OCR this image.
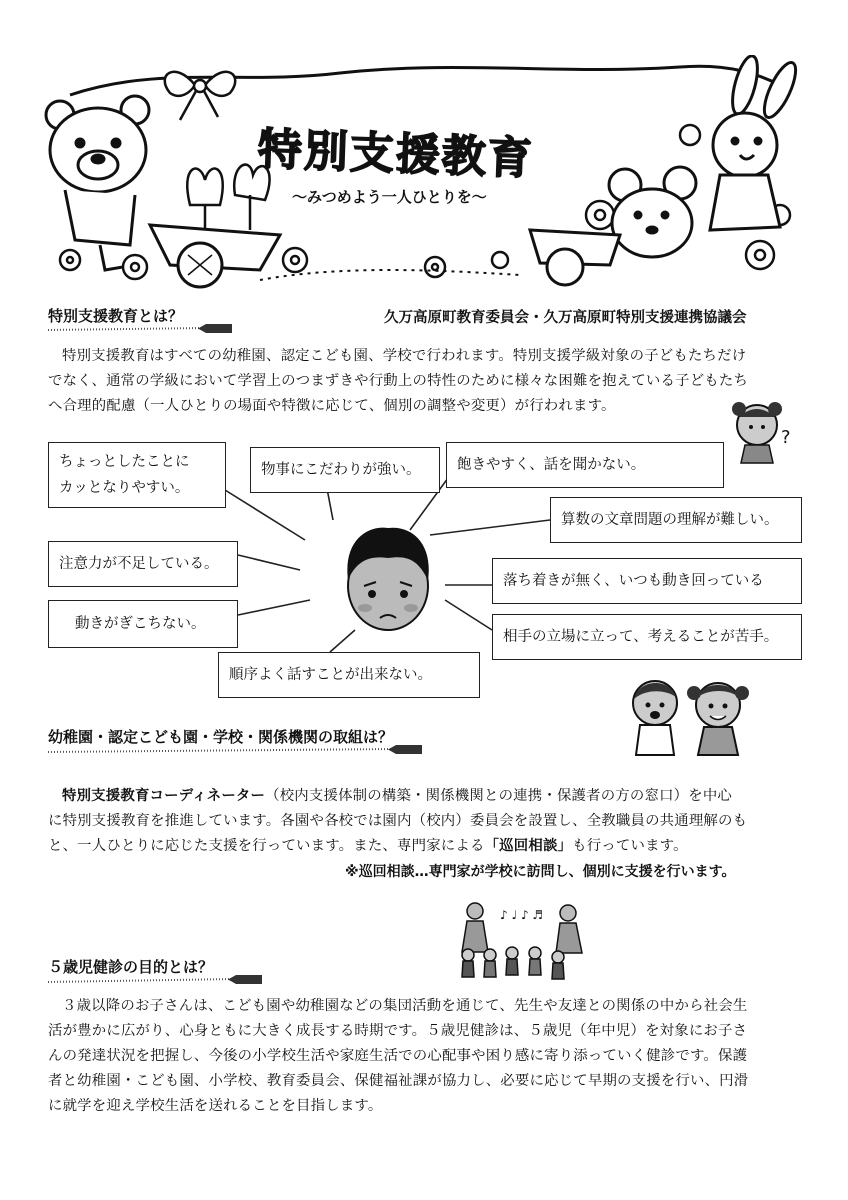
特別支援教育
～みつめよう一人ひとりを～
特別支援教育とは？	久万高原町教育委員会・久万高原町特別支援連携協議会
特別支援教育はすべての幼稚園、認定こども園、学校で行われます。特別支援学級対象の子どもたちだけ
でなく、通常の学級において学習上のつまずきや行動上の特性のために様々な困難を抱えている子どもたち
へ合理的配慮（一人ひとりの場面や特徴に応じて、個別の調整や変更）が行われます。
?
ちょっとしたことに
カッとなりやすい。
物事にこだわりが強い。	飽きやすく、話を聞かない。
算数の文章問題の理解が難しい。
注意力が不足している。
落ち着きが無く、いつも動き回っている
動きがぎこちない。
相手の立場に立って、考えることが苦手。
順序よく話すことが出来ない。
幼稚園・認定こども園・学校・関係機関の取組は？
特別支援教育コーディネーター（校内支援体制の構築・関係機関との連携・保護者の方の窓口）を中心
に特別支援教育を推進しています。各園や各校では園内（校内）委員会を設置し、全教職員の共通理解のも
と、一人ひとりに応じた支援を行っています。また、専門家による「巡回相談」も行っています。
※巡回相談…専門家が学校に訪問し、個別に支援を行います。
♪ ♩ ♪ ♬
５歳児健診の目的とは？
３歳以降のお子さんは、こども園や幼稚園などの集団活動を通じて、先生や友達との関係の中から社会生
活が豊かに広がり、心身ともに大きく成長する時期です。５歳児健診は、５歳児（年中児）を対象にお子さ
んの発達状況を把握し、今後の小学校生活や家庭生活での心配事や困り感に寄り添っていく健診です。保護
者と幼稚園・こども園、小学校、教育委員会、保健福祉課が協力し、必要に応じて早期の支援を行い、円滑
に就学を迎え学校生活を送れることを目指します。
